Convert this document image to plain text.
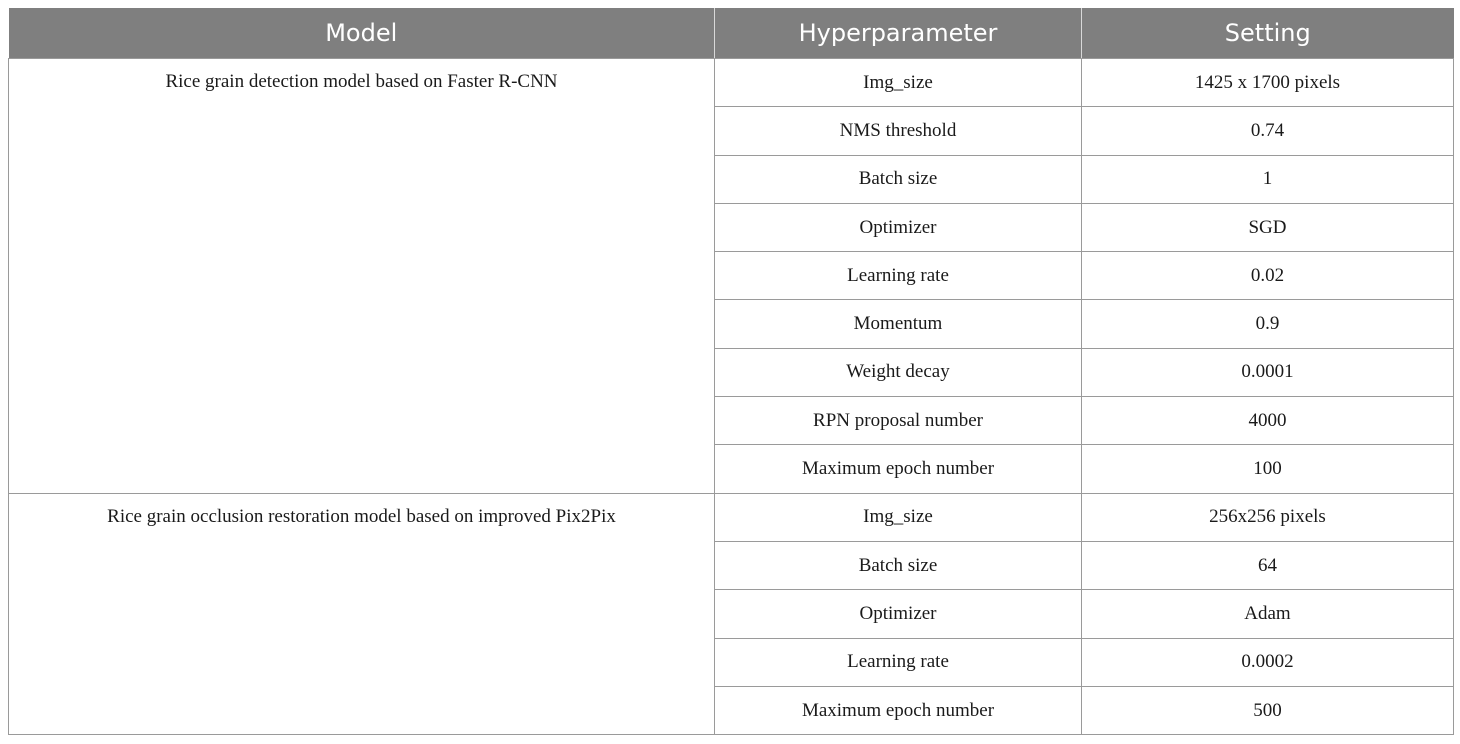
Model	Hyperparameter	Setting

Rice grain detection model based on Faster R-CNN	Img_size	1425 x 1700 pixels
	NMS threshold	0.74
	Batch size	1
	Optimizer	SGD
	Learning rate	0.02
	Momentum	0.9
	Weight decay	0.0001
	RPN proposal number	4000
	Maximum epoch number	100

Rice grain occlusion restoration model based on improved Pix2Pix	Img_size	256x256 pixels
	Batch size	64
	Optimizer	Adam
	Learning rate	0.0002
	Maximum epoch number	500
